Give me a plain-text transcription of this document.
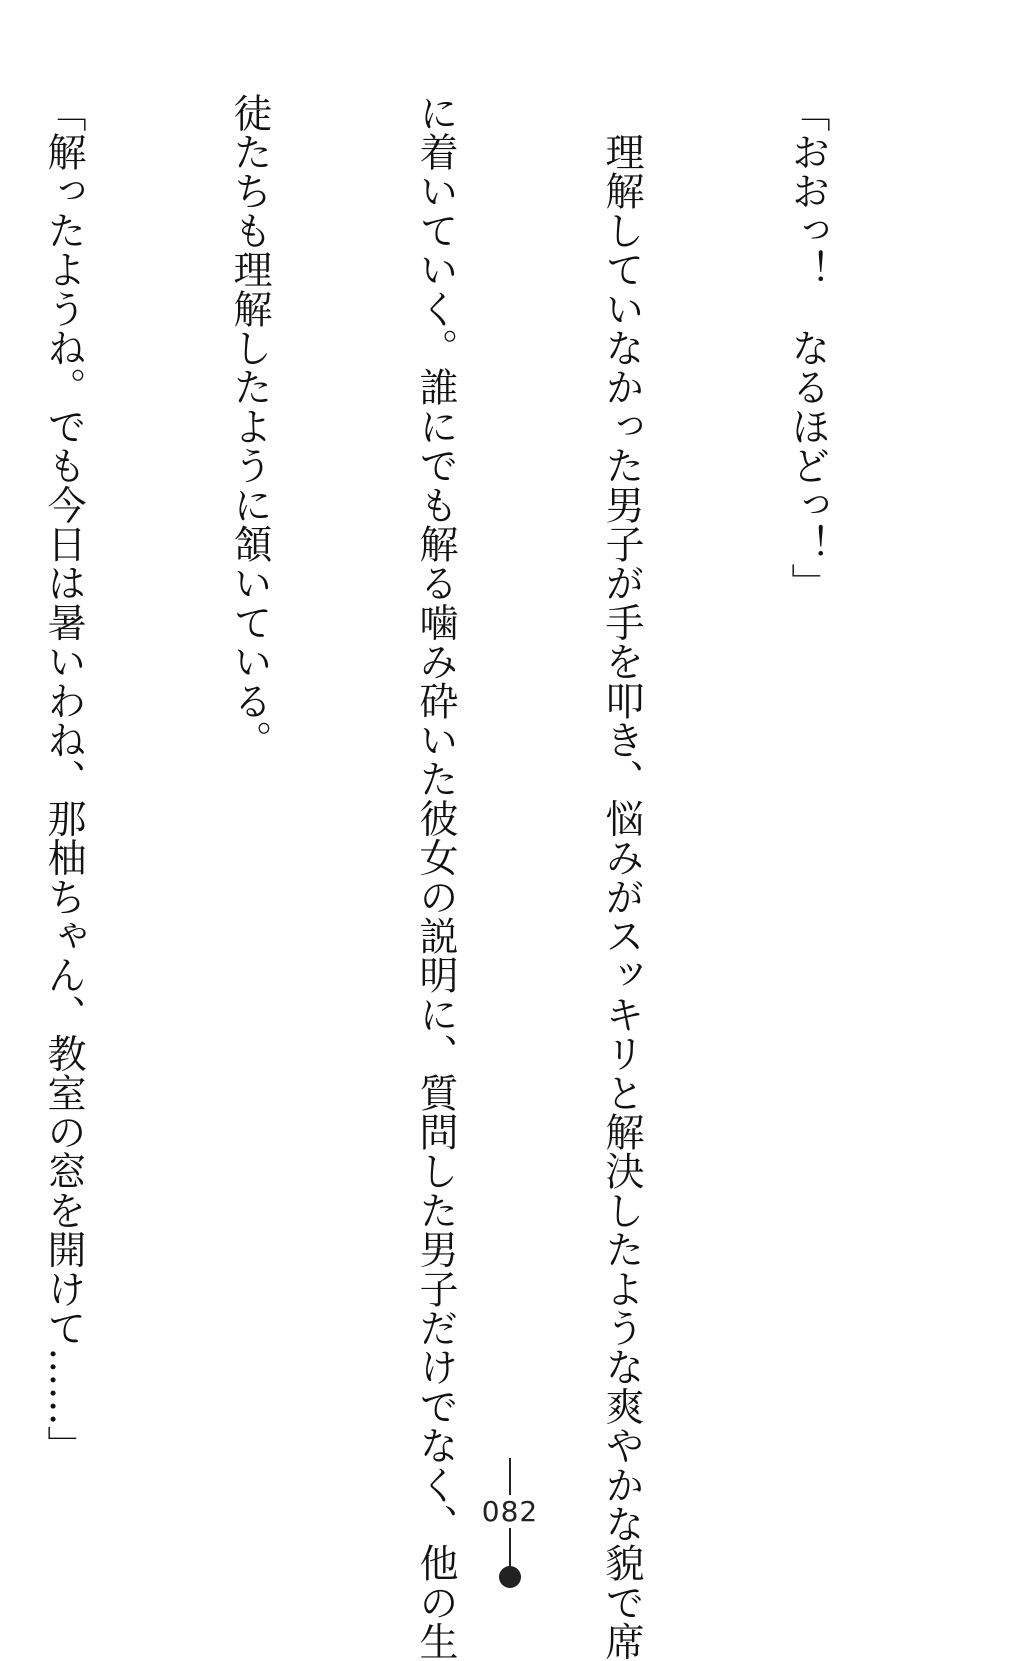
「おおっ！　なるほどっ！」

　理解していなかった男子が手を叩き、悩みがスッキリと解決したような爽やかな貌で席

に着いていく。誰にでも解る噛み砕いた彼女の説明に、質問した男子だけでなく、他の生

徒たちも理解したように頷いている。

「解ったようね。でも今日は暑いわね、那柚ちゃん、教室の窓を開けて……」

082
